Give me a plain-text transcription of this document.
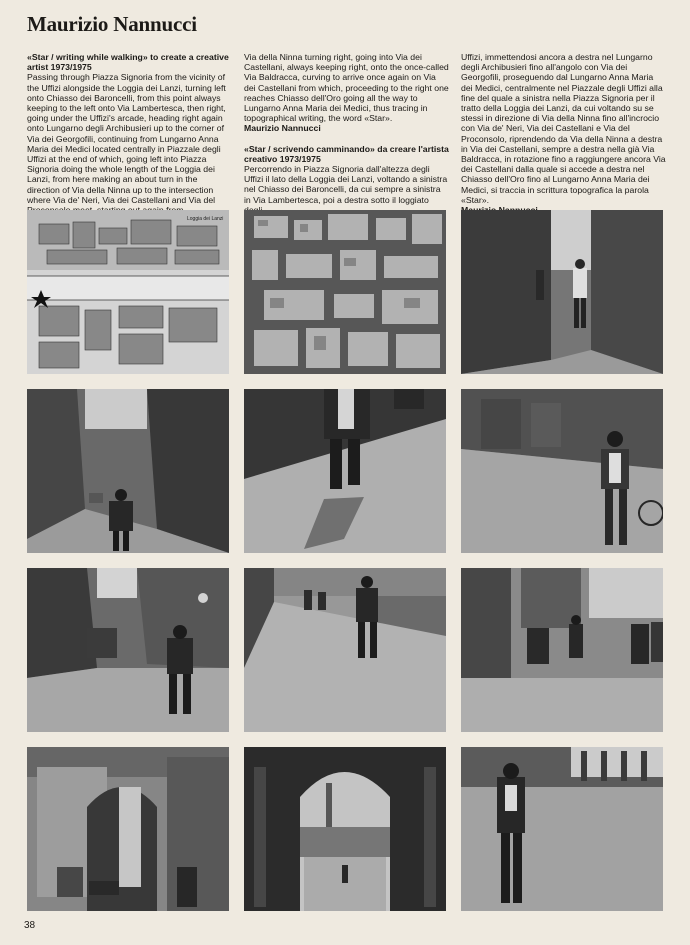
Maurizio Nannucci
«Star / writing while walking» to create a creative artist 1973/1975
Passing through Piazza Signoria from the vicinity of the Uffizi alongside the Loggia dei Lanzi, turning left onto Chiasso dei Baroncelli, from this point always keeping to the left onto Via Lambertesca, then right, going under the Uffizi's arcade, heading right again onto Lungarno degli Archibusieri up to the corner of Via dei Georgofili, continuing from Lungarno Anna Maria dei Medici located centrally in Piazzale degli Uffizi at the end of which, going left into Piazza Signoria doing the whole length of the Loggia dei Lanzi, from here making an about turn in the direction of Via della Ninna up to the intersection where Via de' Neri, Via dei Castellani and Via del
Via della Ninna turning right, going into Via dei Castellani, always keeping right, onto the once-called Via Baldracca, curving to arrive once again on Via dei Castellani from which, proceeding to the right one reaches Chiasso dell'Oro going all the way to Lungarno Anna Maria dei Medici, thus tracing in topographical writing, the word «Star».
Maurizio Nannucci
«Star / scrivendo camminando» da creare l'artista creativo 1973/1975
Percorrendo in Piazza Signoria dall'altezza degli Uffizi il lato della Loggia dei Lanzi, voltando a sinistra nel Chiasso dei Baroncelli, da cui sempre a sinistra in Via Lambertesca, poi a destra sotto il loggiato
Uffizi, immettendosi ancora a destra nel Lungarno degli Archibusieri fino all'angolo con Via dei Georgofili, proseguendo dal Lungarno Anna Maria dei Medici, centralmente nel Piazzale degli Uffizi alla fine del quale a sinistra nella Piazza Signoria per il tratto della Loggia dei Lanzi, da cui voltando su se stessi in direzione di Via della Ninna fino all'incrocio con Via de' Neri, Via dei Castellani e Via del Proconsolo, riprendendo da Via della Ninna a destra in Via dei Castellani, sempre a destra nella già Via Baldracca, in rotazione fino a raggiungere ancora Via dei Castellani dalla quale si accede a destra nel Chiasso dell'Oro fino al Lungarno Anna Maria dei Medici, si traccia in scrittura topografica la parola «Star».
Loggia dei Lanzi
38
